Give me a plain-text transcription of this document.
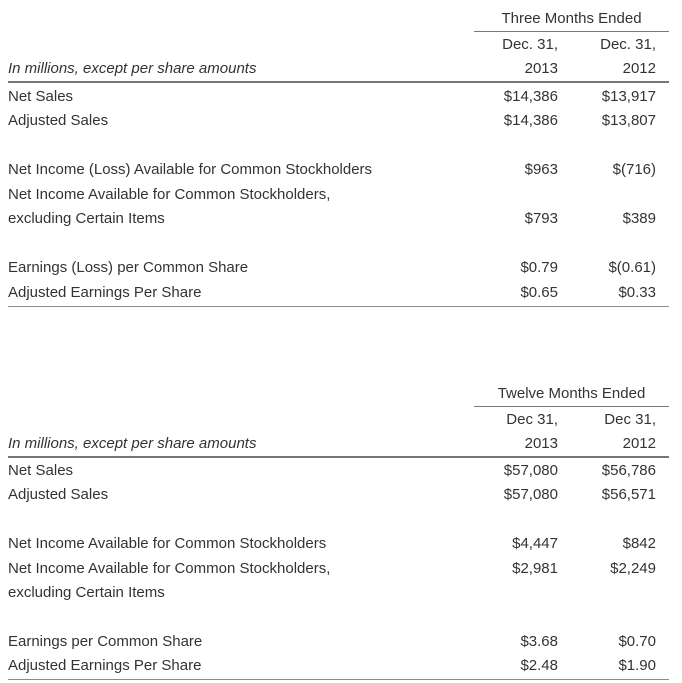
Three Months Ended
Dec. 31,	Dec. 31,
In millions, except per share amounts	2013	2012
Net Sales	$14,386	$13,917
Adjusted Sales	$14,386	$13,807
Net Income (Loss) Available for Common Stockholders	$963	$(716)
Net Income Available for Common Stockholders,
excluding Certain Items	$793	$389
Earnings (Loss) per Common Share	$0.79	$(0.61)
Adjusted Earnings Per Share	$0.65	$0.33
Twelve Months Ended
Dec 31,	Dec 31,
In millions, except per share amounts	2013	2012
Net Sales	$57,080	$56,786
Adjusted Sales	$57,080	$56,571
Net Income Available for Common Stockholders	$4,447	$842
Net Income Available for Common Stockholders,	$2,981	$2,249
excluding Certain Items
Earnings per Common Share	$3.68	$0.70
Adjusted Earnings Per Share	$2.48	$1.90
